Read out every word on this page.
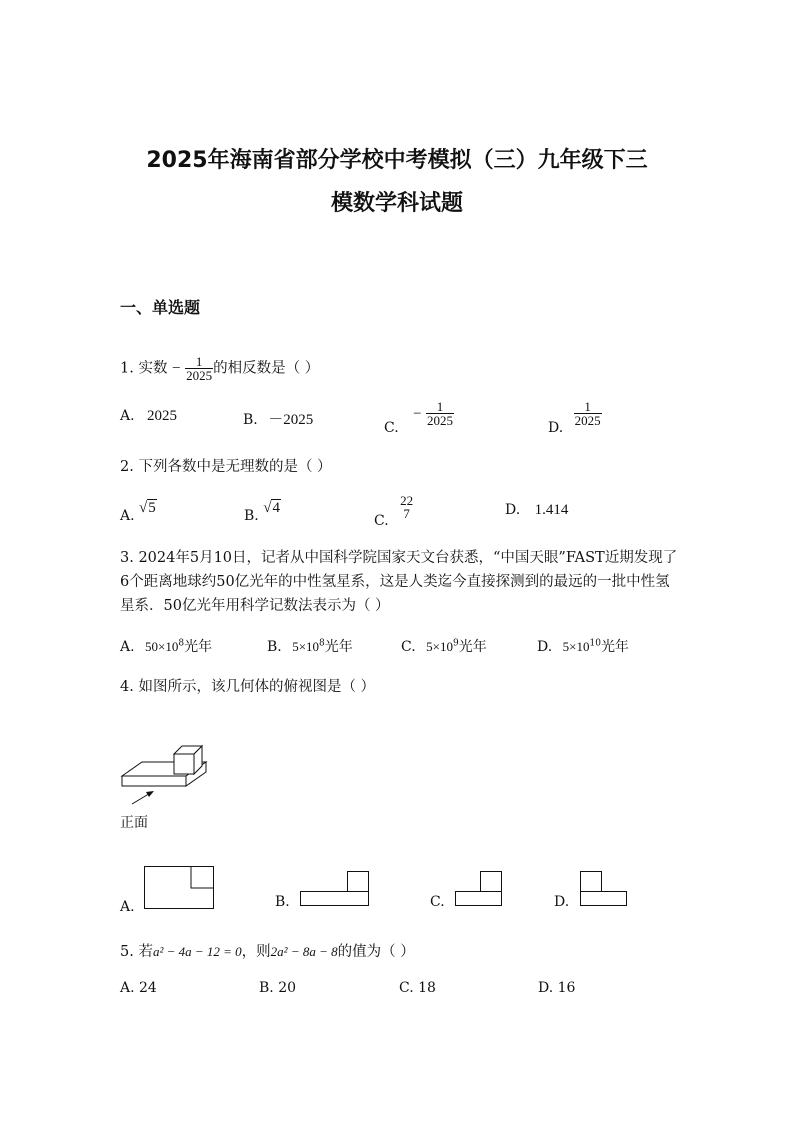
2025年海南省部分学校中考模拟（三）九年级下三
模数学科试题
一、单选题
1. 实数 − $\frac{1}{2025}$ 的相反数是（ ）
A. 2025	B. －2025	C. − $\frac{1}{2025}$
D.
$\frac{1}{2025}$
2. 下列各数中是无理数的是（ ）
A. √5	B. √4
C.
22
7	D. 1.414
3. 2024年5月10日，记者从中国科学院国家天文台获悉，“中国天眼”FAST近期发现了6个距离地球约50亿光年的中性氢星系，这是人类迄今直接探测到的最远的一批中性氢星系．50亿光年用科学记数法表示为（ ）
A. $50\times 10^8$光年	B. $5\times 10^8$光年	C. $5\times 10^9$光年	D. $5\times 10^{10}$光年
4. 如图所示，该几何体的俯视图是（ ）
正面
A.	B.	C.	D.
5. 若a² − 4a − 12 = 0，则2a² − 8a − 8的值为（ ）
A. 24	B. 20	C. 18	D. 16
